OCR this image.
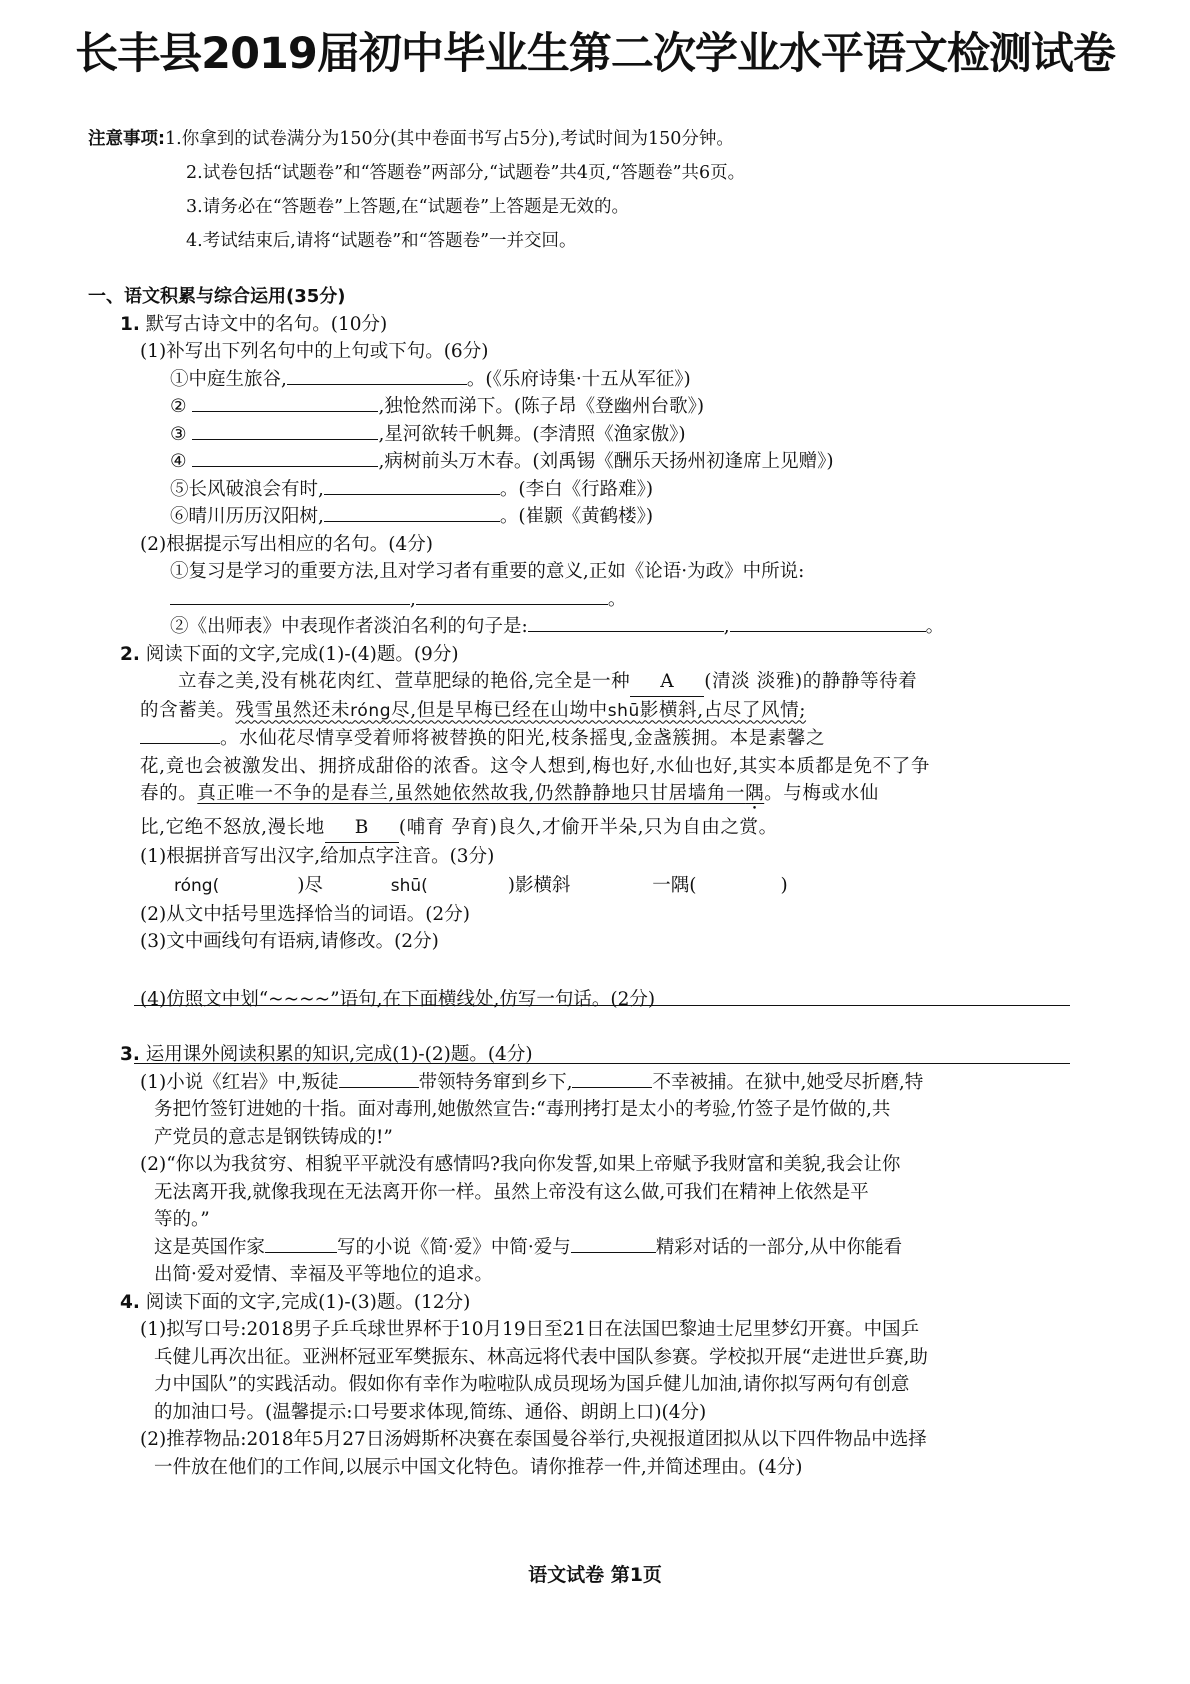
长丰县2019届初中毕业生第二次学业水平语文检测试卷
注意事项:1.你拿到的试卷满分为150分(其中卷面书写占5分),考试时间为150分钟。
2.试卷包括“试题卷”和“答题卷”两部分,“试题卷”共4页,“答题卷”共6页。
3.请务必在“答题卷”上答题,在“试题卷”上答题是无效的。
4.考试结束后,请将“试题卷”和“答题卷”一并交回。
一、语文积累与综合运用(35分)
1. 默写古诗文中的名句。(10分)
(1)补写出下列名句中的上句或下句。(6分)
①中庭生旅谷,	。(《乐府诗集·十五从军征》)
②	,独怆然而涕下。(陈子昂《登幽州台歌》)
③	,星河欲转千帆舞。(李清照《渔家傲》)
④	,病树前头万木春。(刘禹锡《酬乐天扬州初逢席上见赠》)
⑤长风破浪会有时,	。(李白《行路难》)
⑥晴川历历汉阳树,	。(崔颢《黄鹤楼》)
(2)根据提示写出相应的名句。(4分)
①复习是学习的重要方法,且对学习者有重要的意义,正如《论语·为政》中所说:
,	。
②《出师表》中表现作者淡泊名利的句子是:	,	。
2. 阅读下面的文字,完成(1)-(4)题。(9分)
立春之美,没有桃花肉红、萱草肥绿的艳俗,完全是一种 A (清淡 淡雅)的静静等待着
的含蓄美。残雪虽然还未róng尽,但是早梅已经在山坳中shū影横斜,占尽了风情;
。水仙花尽情享受着师将被替换的阳光,枝条摇曳,金盏簇拥。本是素馨之
花,竟也会被激发出、拥挤成甜俗的浓香。这令人想到,梅也好,水仙也好,其实本质都是免不了争
春的。真正唯一不争的是春兰,虽然她依然故我,仍然静静地只甘居墙角一隅。与梅或水仙
比,它绝不怒放,漫长地 B (哺育 孕育)良久,才偷开半朵,只为自由之赏。
(1)根据拼音写出汉字,给加点字注音。(3分)
róng(	)尽	shū(	)影横斜	一隅(	)
(2)从文中括号里选择恰当的词语。(2分)
(3)文中画线句有语病,请修改。(2分)
(4)仿照文中划“~~~~”语句,在下面横线处,仿写一句话。(2分)
3. 运用课外阅读积累的知识,完成(1)-(2)题。(4分)
(1)小说《红岩》中,叛徒	带领特务窜到乡下,	不幸被捕。在狱中,她受尽折磨,特
务把竹签钉进她的十指。面对毒刑,她傲然宣告:“毒刑拷打是太小的考验,竹签子是竹做的,共
产党员的意志是钢铁铸成的!”
(2)“你以为我贫穷、相貌平平就没有感情吗?我向你发誓,如果上帝赋予我财富和美貌,我会让你
无法离开我,就像我现在无法离开你一样。虽然上帝没有这么做,可我们在精神上依然是平
等的。”
这是英国作家	写的小说《简·爱》中简·爱与	精彩对话的一部分,从中你能看
出简·爱对爱情、幸福及平等地位的追求。
4. 阅读下面的文字,完成(1)-(3)题。(12分)
(1)拟写口号:2018男子乒乓球世界杯于10月19日至21日在法国巴黎迪士尼里梦幻开赛。中国乒
乓健儿再次出征。亚洲杯冠亚军樊振东、林高远将代表中国队参赛。学校拟开展“走进世乒赛,助
力中国队”的实践活动。假如你有幸作为啦啦队成员现场为国乒健儿加油,请你拟写两句有创意
的加油口号。(温馨提示:口号要求体现,简练、通俗、朗朗上口)(4分)
(2)推荐物品:2018年5月27日汤姆斯杯决赛在泰国曼谷举行,央视报道团拟从以下四件物品中选择
一件放在他们的工作间,以展示中国文化特色。请你推荐一件,并简述理由。(4分)
语文试卷 第1页
